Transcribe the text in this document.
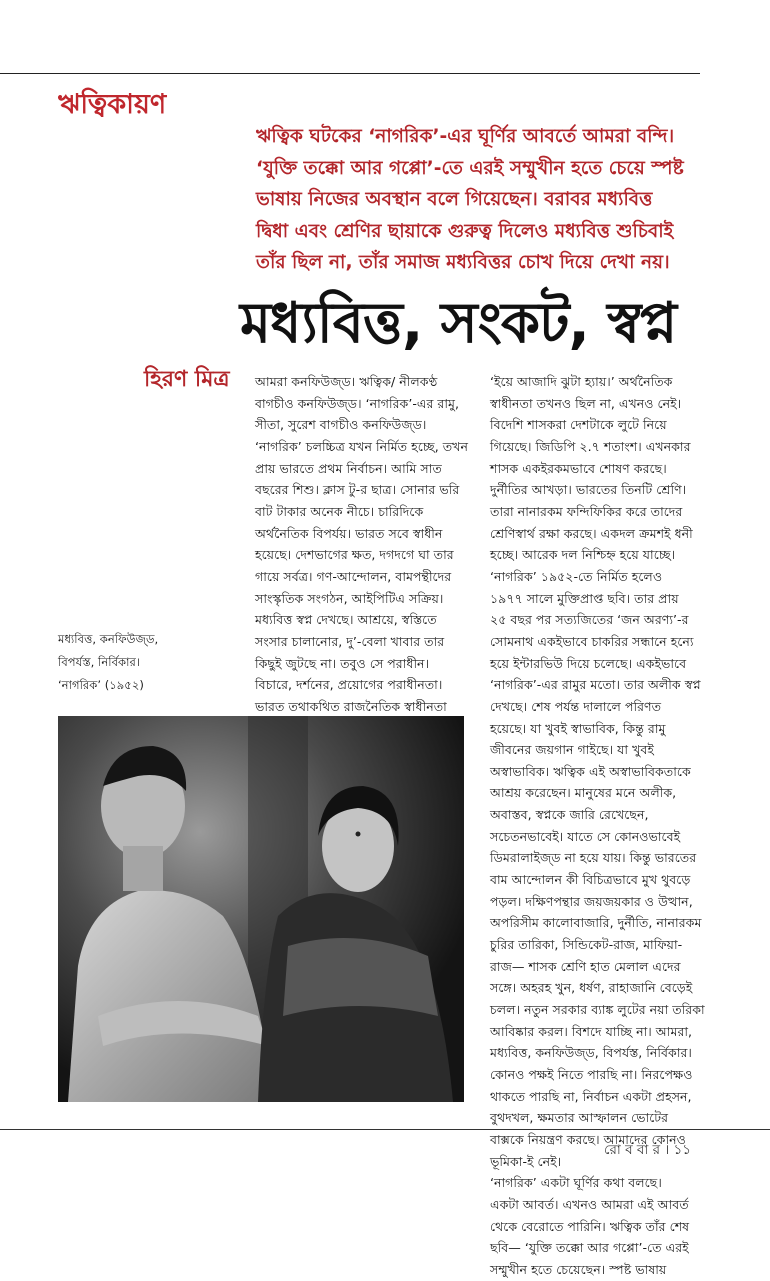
ঋত্বিকায়ণ

ঋত্বিক ঘটকের ‘নাগরিক’-এর ঘূর্ণির আবর্তে আমরা বন্দি।

‘যুক্তি তক্কো আর গপ্পো’-তে এরই সম্মুখীন হতে চেয়ে স্পষ্ট

ভাষায় নিজের অবস্থান বলে গিয়েছেন। বরাবর মধ্যবিত্ত

দ্বিধা এবং শ্রেণির ছায়াকে গুরুত্ব দিলেও মধ্যবিত্ত শুচিবাই

তাঁর ছিল না, তাঁর সমাজ মধ্যবিত্তর চোখ দিয়ে দেখা নয়।

মধ্যবিত্ত, সংকট, স্বপ্ন
হিরণ মিত্র আমরা কনফিউজ্‌ড। ঋত্বিক/ নীলকণ্ঠ

বাগচীও কনফিউজ্‌ড। ‘নাগরিক’-এর রামু,

সীতা, সুরেশ বাগচীও কনফিউজ্‌ড।

‘নাগরিক’ চলচ্চিত্র যখন নির্মিত হচ্ছে, তখন

প্রায় ভারতে প্রথম নির্বাচন। আমি সাত

বছরের শিশু। ক্লাস টু-র ছাত্র। সোনার ভরি

বাট টাকার অনেক নীচে। চারিদিকে

অর্থনৈতিক বিপর্যয়। ভারত সবে স্বাধীন

হয়েছে। দেশভাগের ক্ষত, দগদগে ঘা তার

গায়ে সর্বত্র। গণ-আন্দোলন, বামপন্থীদের

সাংস্কৃতিক সংগঠন, আইপিটিএ সক্রিয়।

মধ্যবিত্ত স্বপ্ন দেখছে। আশ্রয়ে, স্বস্তিতে

সংসার চালানোর, দু’-বেলা খাবার তার

কিছুই জুটছে না। তবুও সে পরাধীন।

বিচারে, দর্শনের, প্রয়োগের পরাধীনতা।

ভারত তথাকথিত রাজনৈতিক স্বাধীনতা

‘ইয়ে আজাদি ঝুটা হ্যায়।’ অর্থনৈতিক

স্বাধীনতা তখনও ছিল না, এখনও নেই।

বিদেশি শাসকরা দেশটাকে লুটে নিয়ে

গিয়েছে। জিডিপি ২.৭ শতাংশ। এখনকার

শাসক একইরকমভাবে শোষণ করছে।

দুর্নীতির আখড়া। ভারতের তিনটি শ্রেণি।

তারা নানারকম ফন্দিফিকির করে তাদের

শ্রেণিস্বার্থ রক্ষা করছে। একদল ক্রমশই ধনী

হচ্ছে। আরেক দল নিশ্চিহ্ন হয়ে যাচ্ছে।

‘নাগরিক’ ১৯৫২-তে নির্মিত হলেও

১৯৭৭ সালে মুক্তিপ্রাপ্ত ছবি। তার প্রায়

২৫ বছর পর সত্যজিতের ‘জন অরণ্য’-র

সোমনাথ একইভাবে চাকরির সন্ধানে হন্যে

হয়ে ইন্টারভিউ দিয়ে চলেছে। একইভাবে

‘নাগরিক’-এর রামুর মতো। তার অলীক স্বপ্ন

দেখছে। শেষ পর্যন্ত দালালে পরিণত

হয়েছে। যা খুবই স্বাভাবিক, কিন্তু রামু

জীবনের জয়গান গাইছে। যা খুবই

অস্বাভাবিক। ঋত্বিক এই অস্বাভাবিকতাকে

আশ্রয় করেছেন। মানুষের মনে অলীক,

অবাস্তব, স্বপ্নকে জারি রেখেছেন,

সচেতনভাবেই। যাতে সে কোনওভাবেই

ডিমরালাইজ্‌ড না হয়ে যায়। কিন্তু ভারতের

বাম আন্দোলন কী বিচিত্রভাবে মুখ থুবড়ে

পড়ল। দক্ষিণপন্থার জয়জয়কার ও উত্থান,

অপরিসীম কালোবাজারি, দুর্নীতি, নানারকম

চুরির তারিকা, সিন্ডিকেট-রাজ, মাফিয়া-

রাজ— শাসক শ্রেণি হাত মেলাল এদের

সঙ্গে। অহরহ খুন, ধর্ষণ, রাহাজানি বেড়েই

চলল। নতুন সরকার ব্যাঙ্ক লুটের নয়া তরিকা

আবিষ্কার করল। বিশদে যাচ্ছি না। আমরা,

মধ্যবিত্ত, কনফিউজ্‌ড, বিপর্যস্ত, নির্বিকার।

কোনও পক্ষই নিতে পারছি না। নিরপেক্ষও

থাকতে পারছি না, নির্বাচন একটা প্রহসন,

বুথদখল, ক্ষমতার আস্ফালন ভোটের

বাক্সকে নিয়ন্ত্রণ করছে। আমাদের কোনও

ভূমিকা-ই নেই।

‘নাগরিক’ একটা ঘূর্ণির কথা বলছে।

একটা আবর্ত। এখনও আমরা এই আবর্ত

থেকে বেরোতে পারিনি। ঋত্বিক তাঁর শেষ

ছবি— ‘যুক্তি তক্কো আর গপ্পো’-তে এরই

সম্মুখীন হতে চেয়েছেন। স্পষ্ট ভাষায়

মধ্যবিত্ত, কনফিউজ্‌ড,

বিপর্যস্ত, নির্বিকার।

‘নাগরিক’ (১৯৫২)

রো ব বা র । ১১
